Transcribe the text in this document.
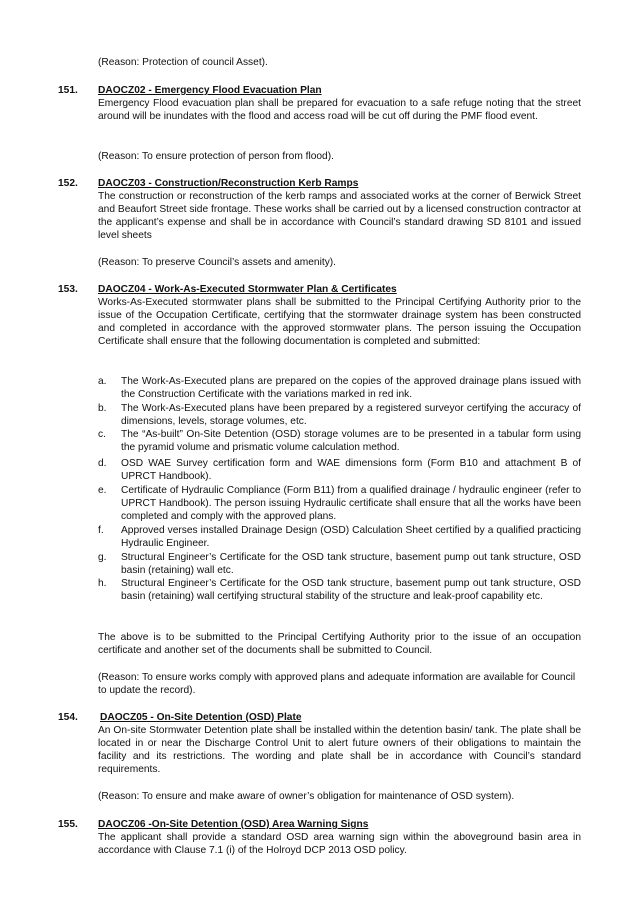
(Reason: Protection of council Asset).
151. DAOCZ02 - Emergency Flood Evacuation Plan
Emergency Flood evacuation plan shall be prepared for evacuation to a safe refuge noting that the street around will be inundates with the flood and access road will be cut off during the PMF flood event.
(Reason: To ensure protection of person from flood).
152. DAOCZ03 - Construction/Reconstruction Kerb Ramps
The construction or reconstruction of the kerb ramps and associated works at the corner of Berwick Street and Beaufort Street side frontage. These works shall be carried out by a licensed construction contractor at the applicant’s expense and shall be in accordance with Council’s standard drawing SD 8101 and issued level sheets
(Reason: To preserve Council’s assets and amenity).
153. DAOCZ04 - Work-As-Executed Stormwater Plan & Certificates
Works-As-Executed stormwater plans shall be submitted to the Principal Certifying Authority prior to the issue of the Occupation Certificate, certifying that the stormwater drainage system has been constructed and completed in accordance with the approved stormwater plans. The person issuing the Occupation Certificate shall ensure that the following documentation is completed and submitted:
a. The Work-As-Executed plans are prepared on the copies of the approved drainage plans issued with the Construction Certificate with the variations marked in red ink.
b. The Work-As-Executed plans have been prepared by a registered surveyor certifying the accuracy of dimensions, levels, storage volumes, etc.
c. The “As-built” On-Site Detention (OSD) storage volumes are to be presented in a tabular form using the pyramid volume and prismatic volume calculation method.
d. OSD WAE Survey certification form and WAE dimensions form (Form B10 and attachment B of UPRCT Handbook).
e. Certificate of Hydraulic Compliance (Form B11) from a qualified drainage / hydraulic engineer (refer to UPRCT Handbook). The person issuing Hydraulic certificate shall ensure that all the works have been completed and comply with the approved plans.
f. Approved verses installed Drainage Design (OSD) Calculation Sheet certified by a qualified practicing Hydraulic Engineer.
g. Structural Engineer’s Certificate for the OSD tank structure, basement pump out tank structure, OSD basin (retaining) wall etc.
h. Structural Engineer’s Certificate for the OSD tank structure, basement pump out tank structure, OSD basin (retaining) wall certifying structural stability of the structure and leak-proof capability etc.
The above is to be submitted to the Principal Certifying Authority prior to the issue of an occupation certificate and another set of the documents shall be submitted to Council.
(Reason: To ensure works comply with approved plans and adequate information are available for Council to update the record).
154. DAOCZ05 - On-Site Detention (OSD) Plate
An On-site Stormwater Detention plate shall be installed within the detention basin/ tank. The plate shall be located in or near the Discharge Control Unit to alert future owners of their obligations to maintain the facility and its restrictions. The wording and plate shall be in accordance with Council’s standard requirements.
(Reason: To ensure and make aware of owner’s obligation for maintenance of OSD system).
155. DAOCZ06 -On-Site Detention (OSD) Area Warning Signs
The applicant shall provide a standard OSD area warning sign within the aboveground basin area in accordance with Clause 7.1 (i) of the Holroyd DCP 2013 OSD policy.
